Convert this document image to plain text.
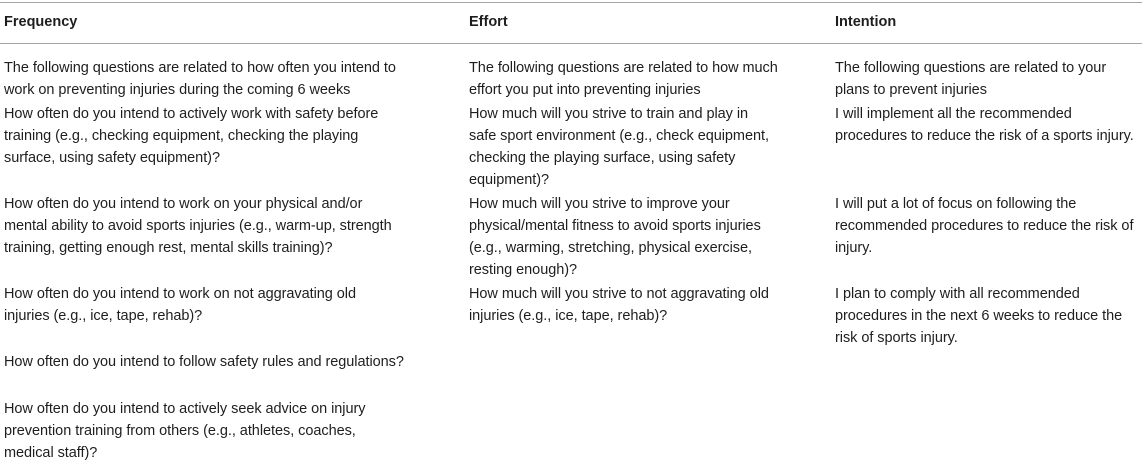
Frequency	Effort	Intention
The following questions are related to how often you intend to work on preventing injuries during the coming 6 weeks
How often do you intend to actively work with safety before training (e.g., checking equipment, checking the playing surface, using safety equipment)?
How often do you intend to work on your physical and/or mental ability to avoid sports injuries (e.g., warm-up, strength training, getting enough rest, mental skills training)?
How often do you intend to work on not aggravating old injuries (e.g., ice, tape, rehab)?
How often do you intend to follow safety rules and regulations?
How often do you intend to actively seek advice on injury prevention training from others (e.g., athletes, coaches, medical staff)?
The following questions are related to how much effort you put into preventing injuries
How much will you strive to train and play in safe sport environment (e.g., check equipment, checking the playing surface, using safety equipment)?
How much will you strive to improve your physical/mental fitness to avoid sports injuries (e.g., warming, stretching, physical exercise, resting enough)?
How much will you strive to not aggravating old injuries (e.g., ice, tape, rehab)?
The following questions are related to your plans to prevent injuries
I will implement all the recommended procedures to reduce the risk of a sports injury.
I will put a lot of focus on following the recommended procedures to reduce the risk of injury.
I plan to comply with all recommended procedures in the next 6 weeks to reduce the risk of sports injury.
